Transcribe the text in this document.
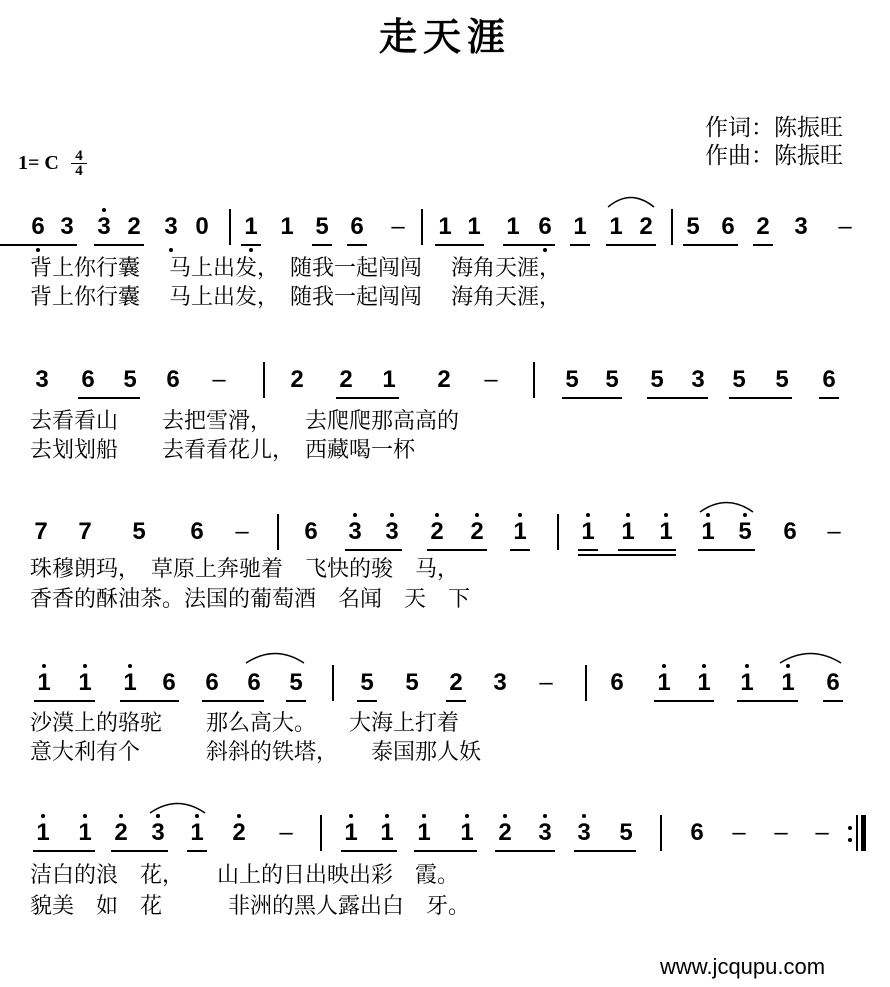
走天涯
作词：陈振旺
作曲：陈振旺
1= C 4
4
www.jcqupu.com
6 3 3 2 3 0 1 1 5 6 – 1 1 1 6 1 1 2 5 6 2 3 –
背上你行囊　 马上出发，　随我一起闯闯　 海角天涯，
背上你行囊　 马上出发，　随我一起闯闯　 海角天涯，
3 6 5 6 –	2 2 1 2 –	5 5 5 3 5 5 6
去看看山　　去把雪滑，　　去爬爬那高高的
去划划船　　去看看花儿，　西藏喝一杯
7 7 5 6 – 6 3 3 2 2 1 1 1 1 1 5 6 –
珠穆朗玛，　草原上奔驰着　飞快的骏　马，
香香的酥油茶。法国的葡萄酒　名闻　天　下
1 1 1 6 6 6 5 5 5 2 3 – 6 1 1 1 1 6
沙漠上的骆驼　　那么高大。　　大海上打着
意大利有个　　　斜斜的铁塔，　　泰国那人妖
1 1 2 3 1 2 – 1 1 1 1 2 3 3 5 6 – – –
洁白的浪　花，　　山上的日出映出彩　霞。
貌美　如　花　　　非洲的黑人露出白　牙。
